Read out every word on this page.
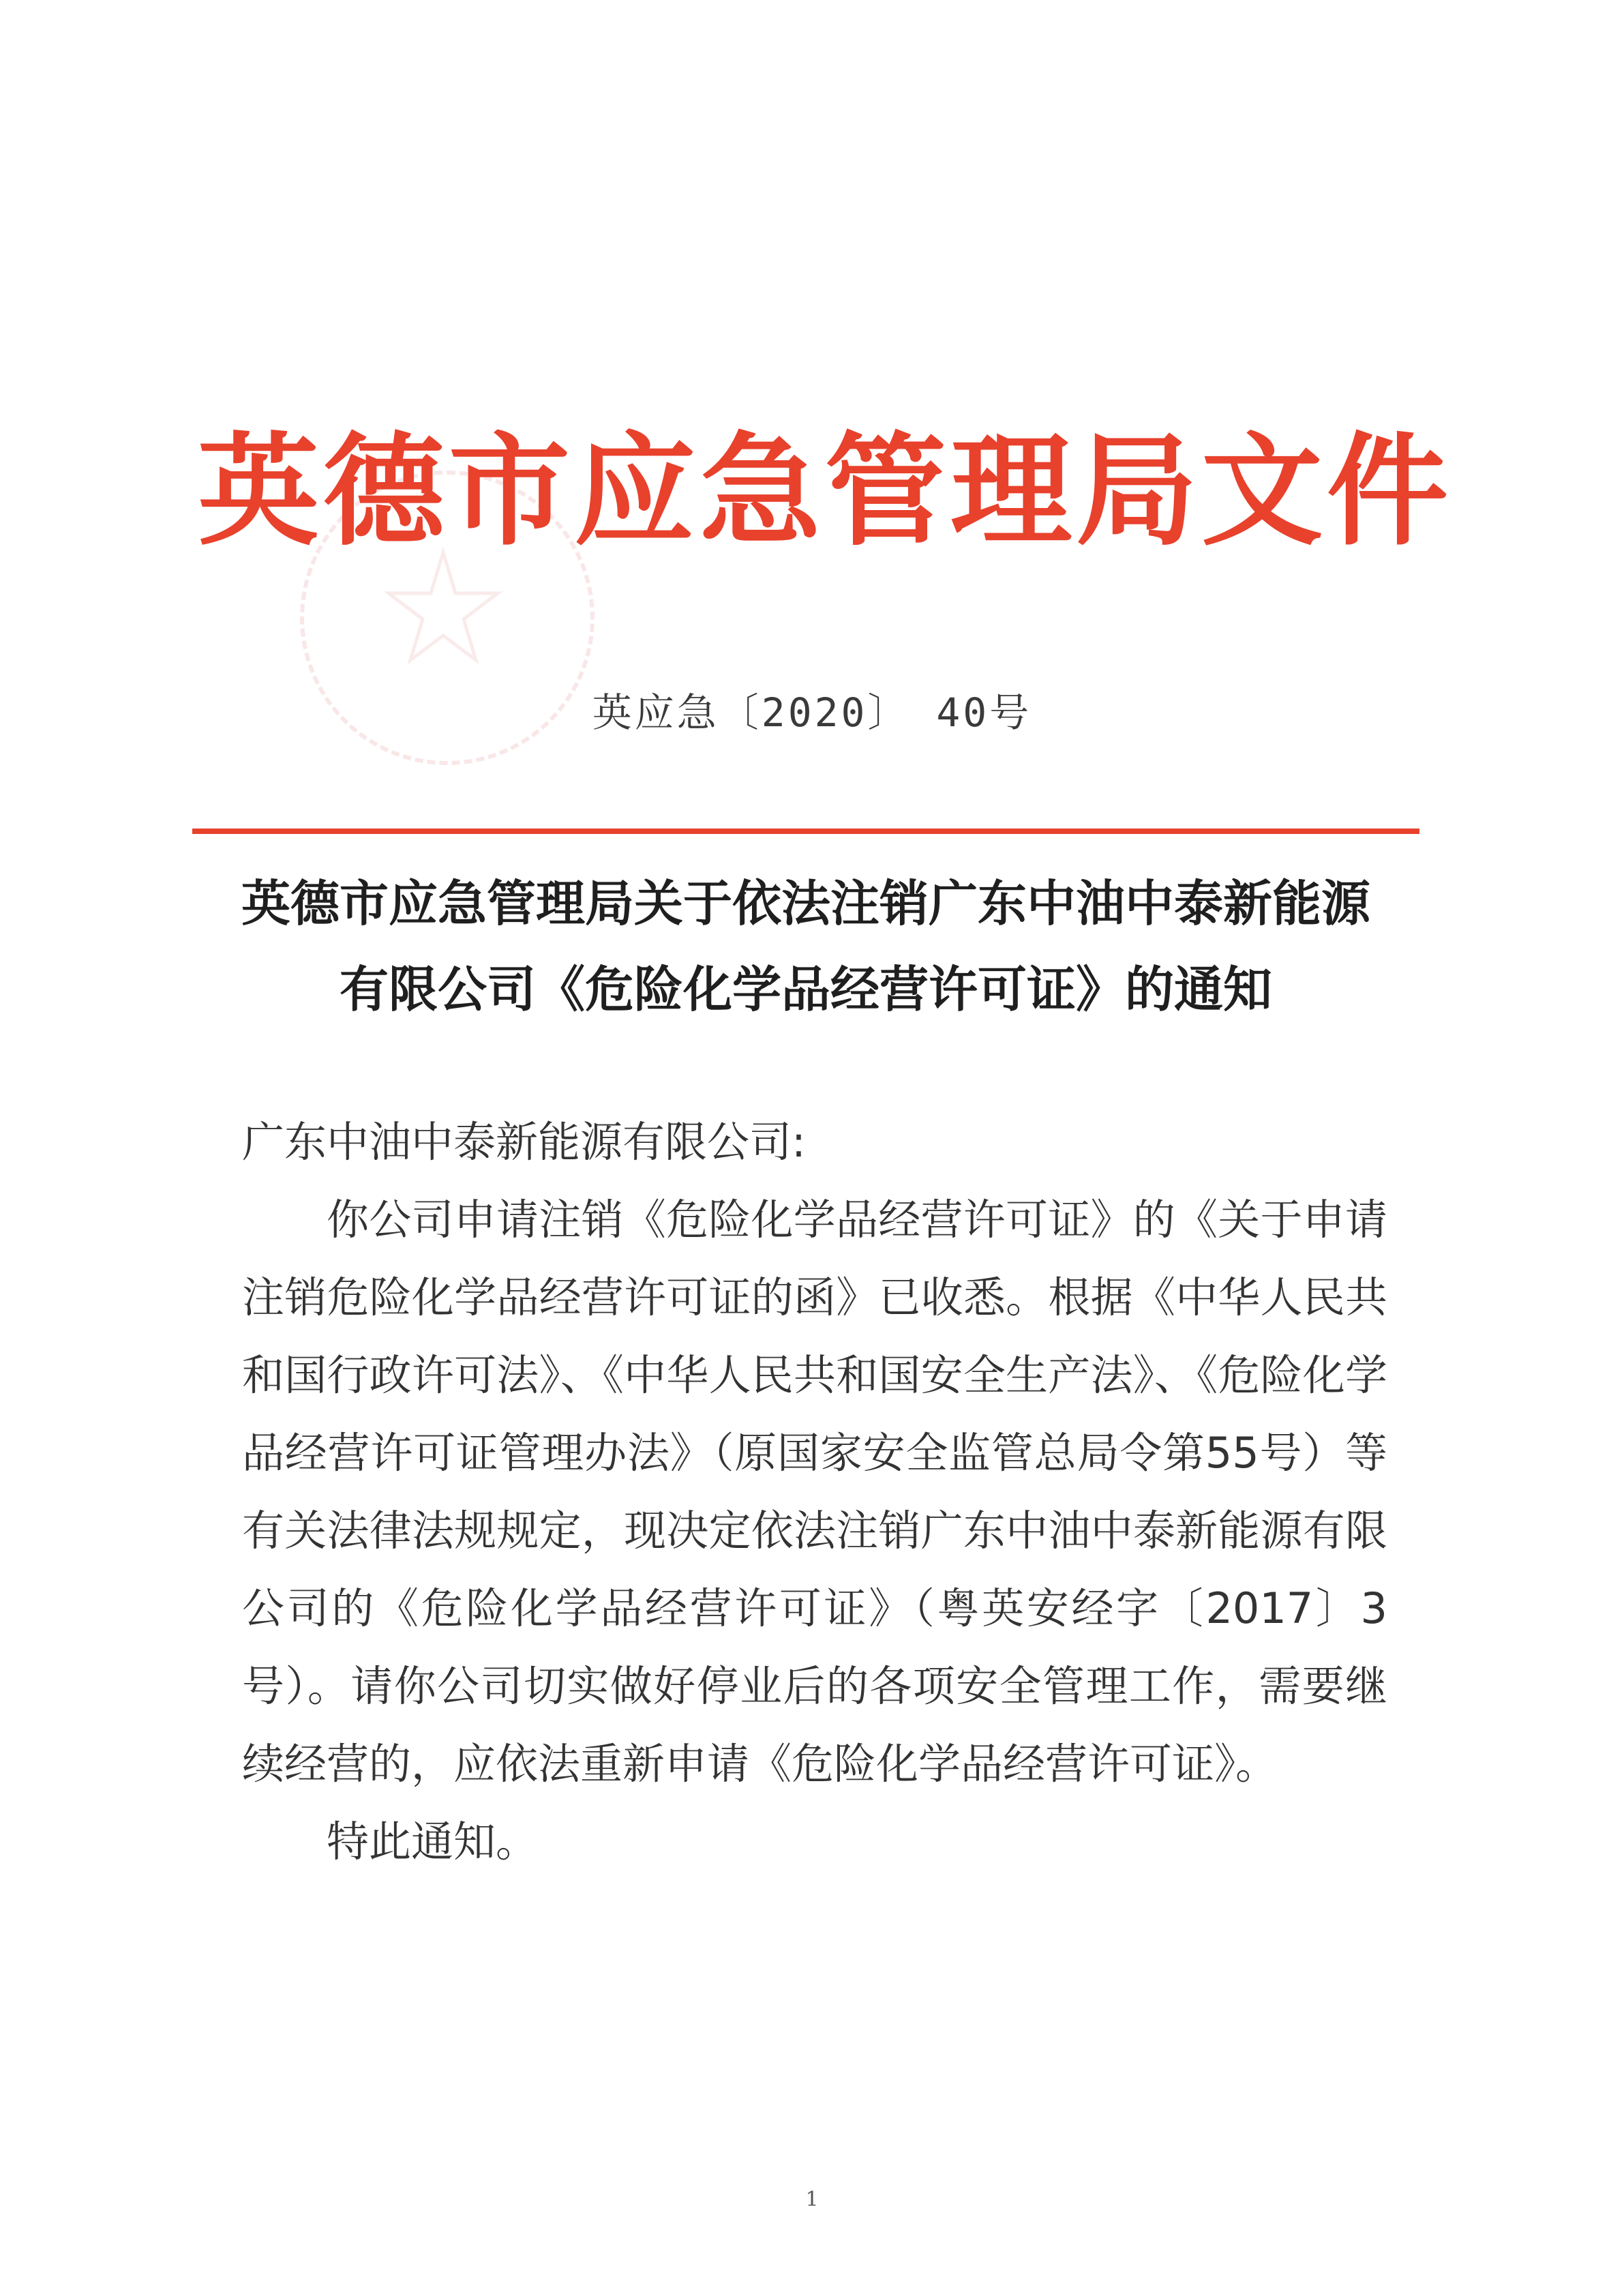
英德市应急管理局文件
英应急〔2020〕 40号
英德市应急管理局关于依法注销广东中油中泰新能源
有限公司《危险化学品经营许可证》的通知
广东中油中泰新能源有限公司:
你公司申请注销《危险化学品经营许可证》的《关于申请注销危险化学品经营许可证的函》已收悉。根据《中华人民共和国行政许可法》、《中华人民共和国安全生产法》、《危险化学品经营许可证管理办法》（原国家安全监管总局令第55号）等有关法律法规规定，现决定依法注销广东中油中泰新能源有限公司的《危险化学品经营许可证》（粤英安经字〔2017〕3号）。请你公司切实做好停业后的各项安全管理工作，需要继续经营的，应依法重新申请《危险化学品经营许可证》。
特此通知。
1
